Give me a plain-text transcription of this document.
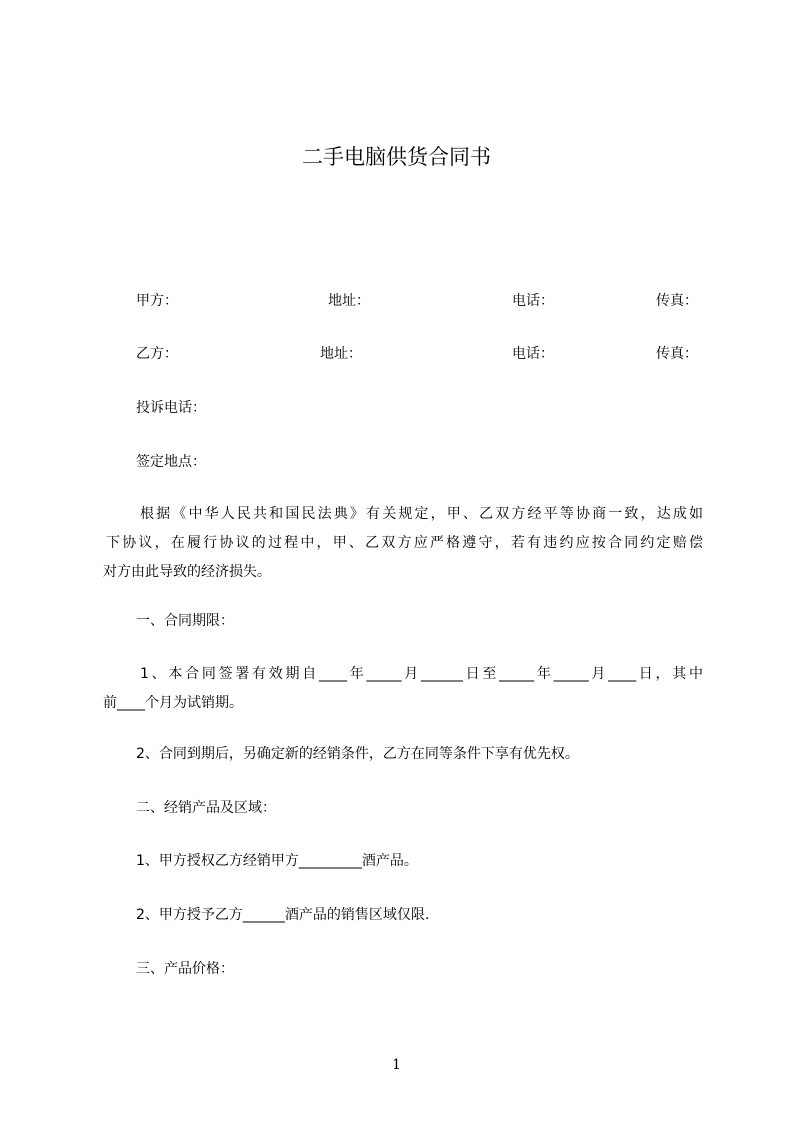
二手电脑供货合同书
甲方：	地址：	电话：	传真：
乙方：	地址：	电话：	传真：
投诉电话：
签定地点：
根据《中华人民共和国民法典》有关规定，甲、乙双方经平等协商一致，达成如
下协议，在履行协议的过程中，甲、乙双方应严格遵守，若有违约应按合同约定赔偿
对方由此导致的经济损失。
一、合同期限：
1、本合同签署有效期自____年_____月______日至_____年_____月____日，其中
前____个月为试销期。
2、合同到期后，另确定新的经销条件，乙方在同等条件下享有优先权。
二、经销产品及区域：
1、甲方授权乙方经销甲方_________酒产品。
2、甲方授予乙方______酒产品的销售区域仅限.
三、产品价格：
1
